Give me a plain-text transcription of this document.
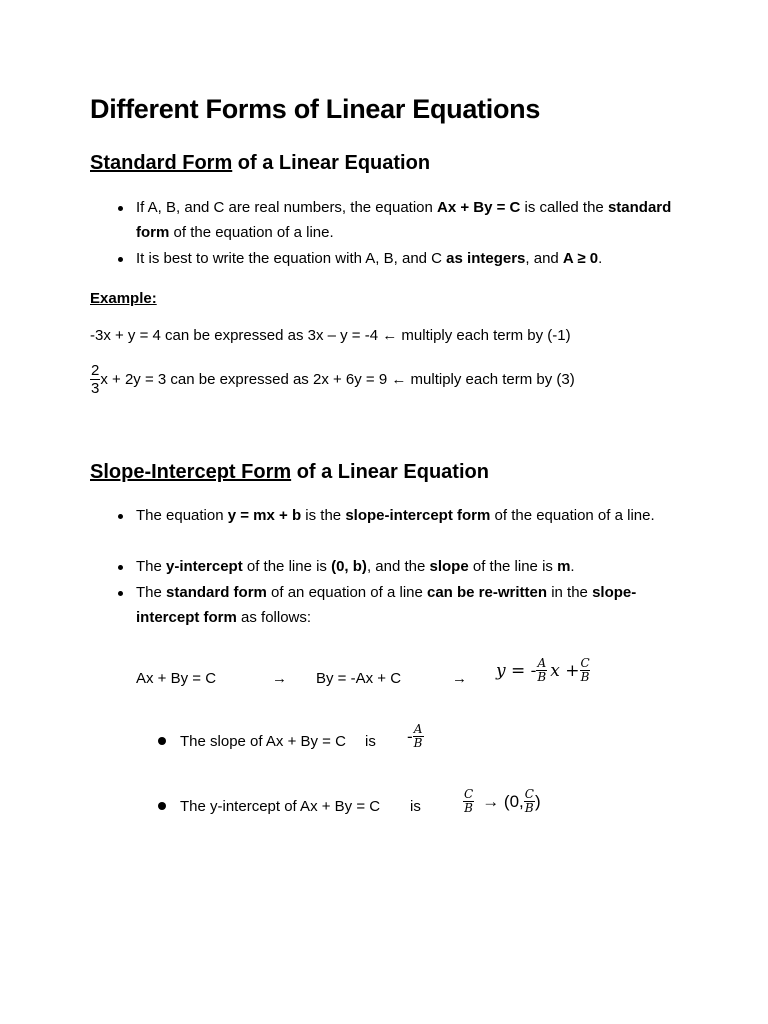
Different Forms of Linear Equations
Standard Form of a Linear Equation
If A, B, and C are real numbers, the equation Ax + By = C is called the standard form of the equation of a line.
It is best to write the equation with A, B, and C as integers, and A ≥ 0.
Example:
-3x + y = 4 can be expressed as 3x – y = -4 ← multiply each term by (-1)
$\frac{2}{3}$ x + 2y = 3 can be expressed as 2x + 6y = 9 ← multiply each term by (3)
Slope-Intercept Form of a Linear Equation
The equation y = mx + b is the slope-intercept form of the equation of a line.
The y-intercept of the line is (0, b), and the slope of the line is m.
The standard form of an equation of a line can be re-written in the slope-intercept form as follows:
Ax + By = C	→ By = -Ax + C	→ y = - $\frac{A}{B}$ $x + \frac{C}{B}$
The slope of Ax + By = C is - $\frac{A}{B}$
The y-intercept of Ax + By = C is	$\frac{C}{B} \to (0$, $\frac{C}{B}$ )
